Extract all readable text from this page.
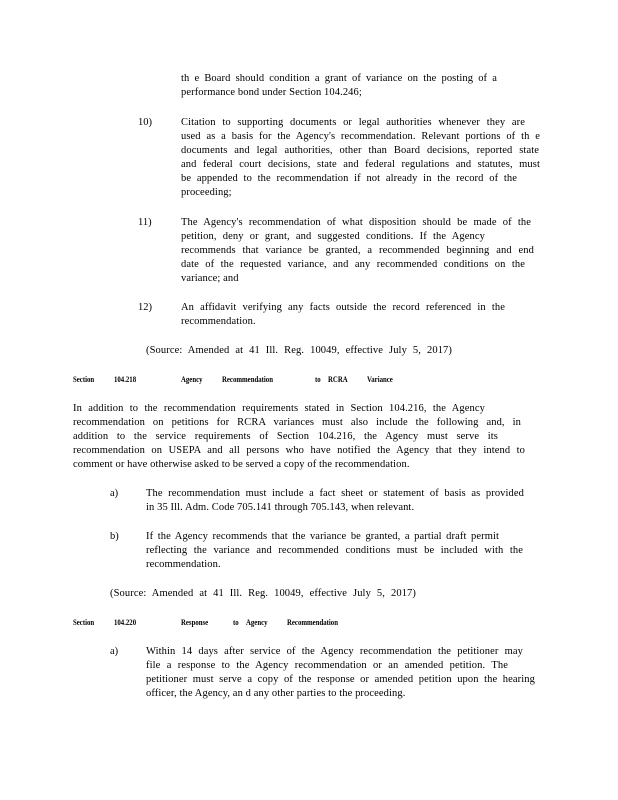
th e Board should condition a grant of variance on the posting of a
performance bond under Section 104.246;
10)	Citation to supporting documents or legal authorities whenever they are
used as a basis for the Agency's recommendation. Relevant portions of th e
documents and legal authorities, other than Board decisions, reported state
and federal court decisions, state and federal regulations and statutes, must
be appended to the recommendation if not already in the record of the
proceeding;
11)	The Agency's recommendation of what disposition should be made of the
petition, deny or grant, and suggested conditions. If the Agency
recommends that variance be granted, a recommended beginning and end
date of the requested variance, and any recommended conditions on the
variance; and
12)	An affidavit verifying any facts outside the record referenced in the
recommendation.
(Source: Amended at 41 Ill. Reg. 10049, effective July 5, 2017)
Section 104.218	Agency Recommendation	to RCRA Variance
In addition to the recommendation requirements stated in Section 104.216, the Agency
recommendation on petitions for RCRA variances must also include the following and, in
addition to the service requirements of Section 104.216, the Agency must serve its
recommendation on USEPA and all persons who have notified the Agency that they intend to
comment or have otherwise asked to be served a copy of the recommendation.
a)	The recommendation must include a fact sheet or statement of basis as provided
in 35 Ill. Adm. Code 705.141 through 705.143, when relevant.
b)	If the Agency recommends that the variance be granted, a partial draft permit
reflecting the variance and recommended conditions must be included with the
recommendation.
(Source: Amended at 41 Ill. Reg. 10049, effective July 5, 2017)
Section 104.220	Response	to Agency Recommendation
a)	Within 14 days after service of the Agency recommendation the petitioner may
file a response to the Agency recommendation or an amended petition. The
petitioner must serve a copy of the response or amended petition upon the hearing
officer, the Agency, an d any other parties to the proceeding.
